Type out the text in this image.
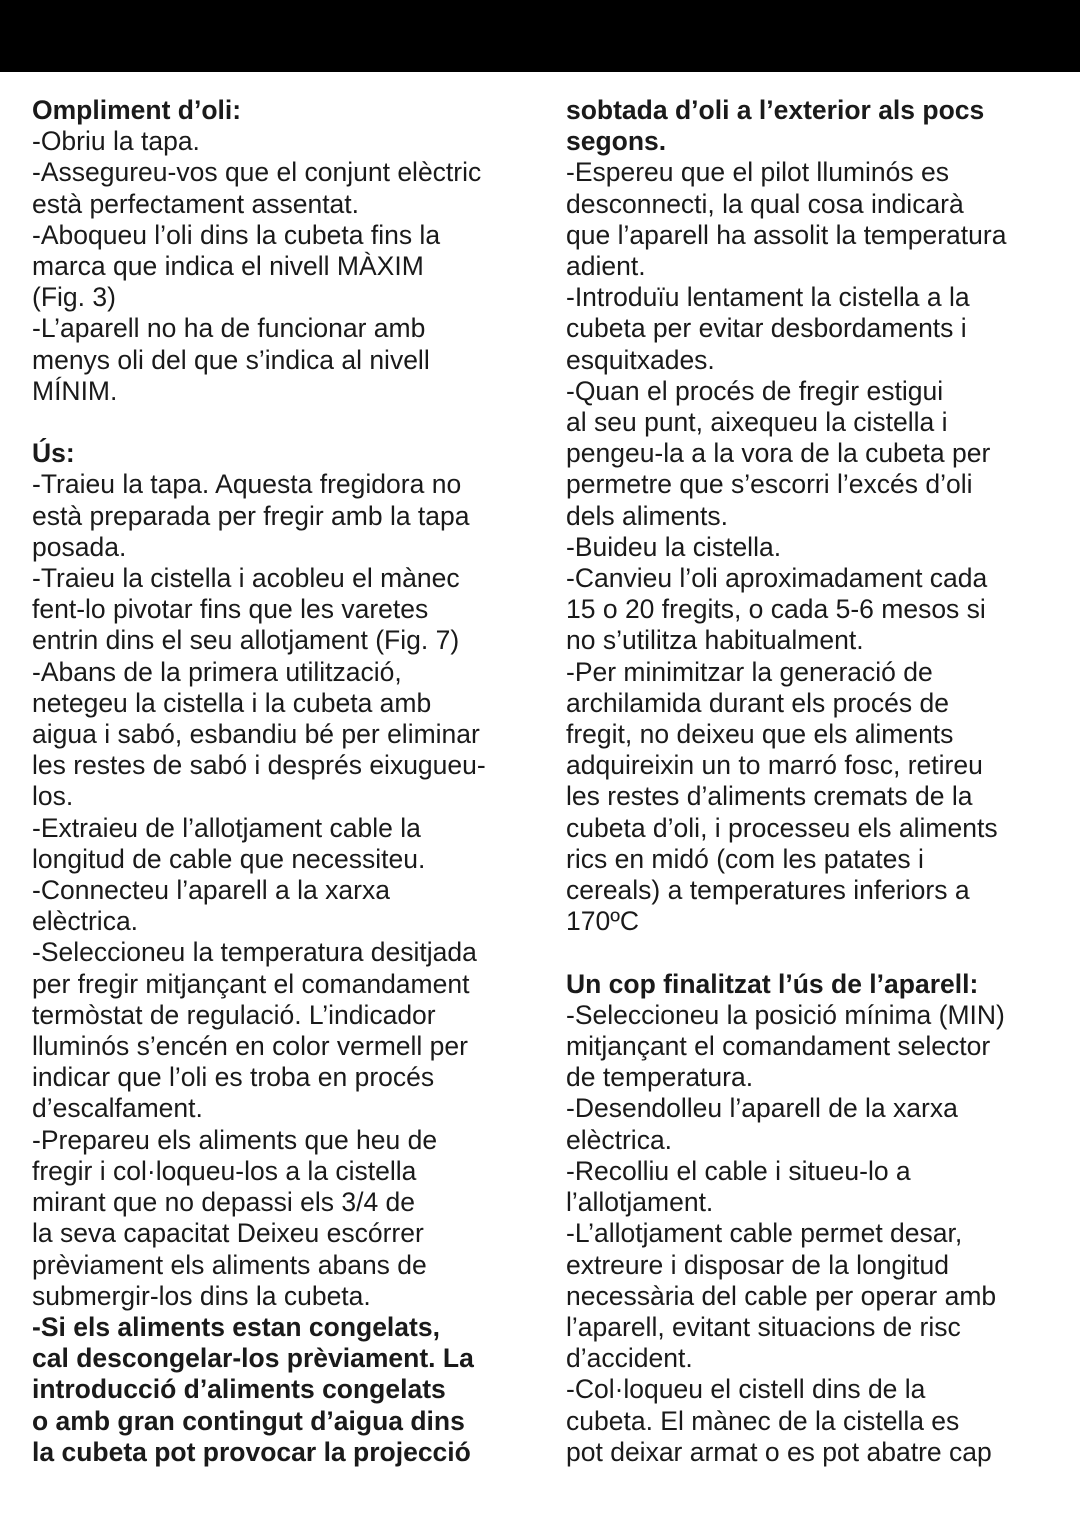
Ompliment d’oli:

-Obriu la tapa.

-Assegureu-vos que el conjunt elèctric

està perfectament assentat.

-Aboqueu l’oli dins la cubeta fins la

marca que indica el nivell MÀXIM

(Fig. 3)

-L’aparell no ha de funcionar amb

menys oli del que s’indica al nivell

MÍNIM.

Ús:

-Traieu la tapa. Aquesta fregidora no

està preparada per fregir amb la tapa

posada.

-Traieu la cistella i acobleu el mànec

fent-lo pivotar fins que les varetes

entrin dins el seu allotjament (Fig. 7)

-Abans de la primera utilització,

netegeu la cistella i la cubeta amb

aigua i sabó, esbandiu bé per eliminar

les restes de sabó i després eixugueu-

los.

-Extraieu de l’allotjament cable la

longitud de cable que necessiteu.

-Connecteu l’aparell a la xarxa

elèctrica.

-Seleccioneu la temperatura desitjada

per fregir mitjançant el comandament

termòstat de regulació. L’indicador

lluminós s’encén en color vermell per

indicar que l’oli es troba en procés

d’escalfament.

-Prepareu els aliments que heu de

fregir i col·loqueu-los a la cistella

mirant que no depassi els 3/4 de

la seva capacitat Deixeu escórrer

prèviament els aliments abans de

submergir-los dins la cubeta.

-Si els aliments estan congelats,

cal descongelar-los prèviament. La

introducció d’aliments congelats

o amb gran contingut d’aigua dins

la cubeta pot provocar la projecció

sobtada d’oli a l’exterior als pocs

segons.

-Espereu que el pilot lluminós es

desconnecti, la qual cosa indicarà

que l’aparell ha assolit la temperatura

adient.

-Introduïu lentament la cistella a la

cubeta per evitar desbordaments i

esquitxades.

-Quan el procés de fregir estigui

al seu punt, aixequeu la cistella i

pengeu-la a la vora de la cubeta per

permetre que s’escorri l’excés d’oli

dels aliments.

-Buideu la cistella.

-Canvieu l’oli aproximadament cada

15 o 20 fregits, o cada 5-6 mesos si

no s’utilitza habitualment.

-Per minimitzar la generació de

archilamida durant els procés de

fregit, no deixeu que els aliments

adquireixin un to marró fosc, retireu

les restes d’aliments cremats de la

cubeta d’oli, i processeu els aliments

rics en midó (com les patates i

cereals) a temperatures inferiors a

170ºC

Un cop finalitzat l’ús de l’aparell:

-Seleccioneu la posició mínima (MIN)

mitjançant el comandament selector

de temperatura.

-Desendolleu l’aparell de la xarxa

elèctrica.

-Recolliu el cable i situeu-lo a

l’allotjament.

-L’allotjament cable permet desar,

extreure i disposar de la longitud

necessària del cable per operar amb

l’aparell, evitant situacions de risc

d’accident.

-Col·loqueu el cistell dins de la

cubeta. El mànec de la cistella es

pot deixar armat o es pot abatre cap
